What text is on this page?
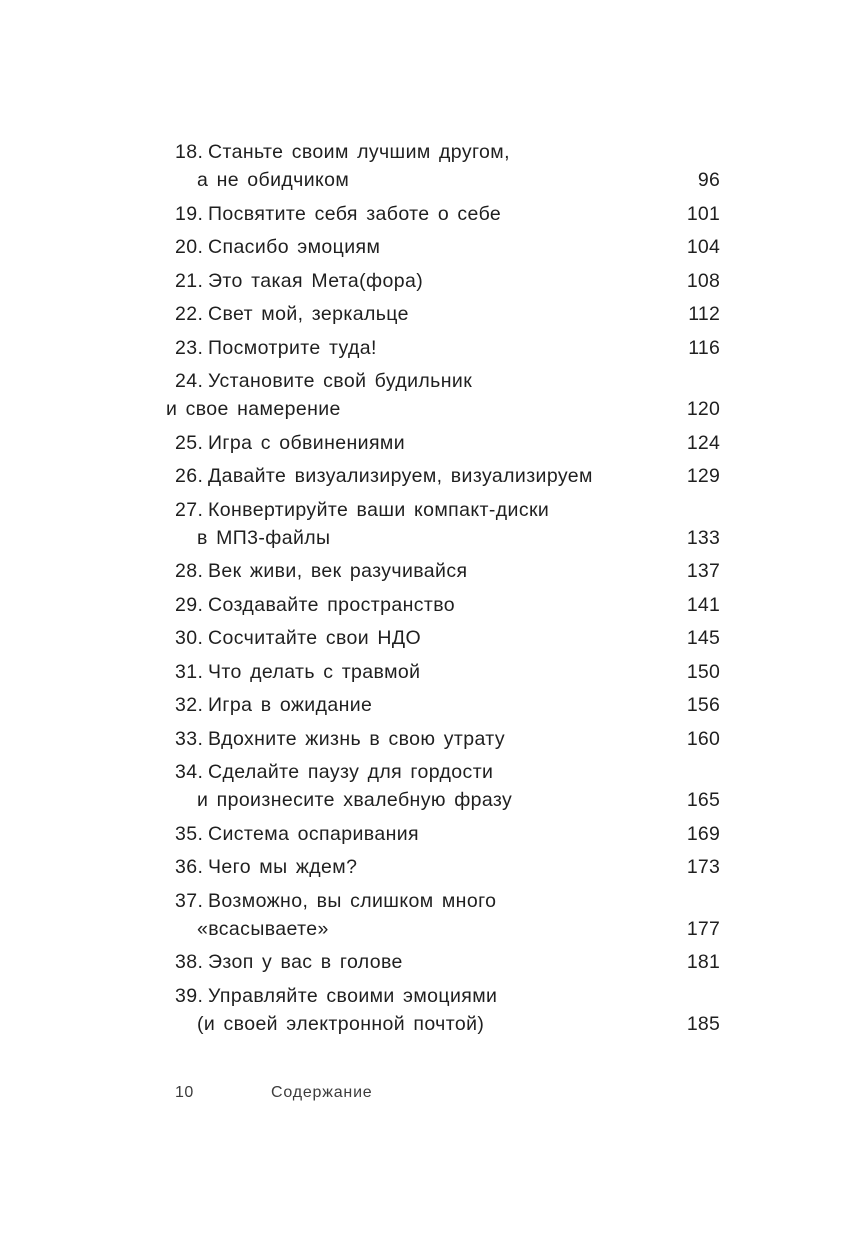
18. Станьте своим лучшим другом,
а не обидчиком	96
19. Посвятите себя заботе о себе	101
20. Спасибо эмоциям	104
21. Это такая Мета(фора)	108
22. Свет мой, зеркальце	112
23. Посмотрите туда!	116
24. Установите свой будильник
и свое намерение	120
25. Игра с обвинениями	124
26. Давайте визуализируем, визуализируем	129
27. Конвертируйте ваши компакт-диски
в МП3-файлы	133
28. Век живи, век разучивайся	137
29. Создавайте пространство	141
30. Сосчитайте свои НДО	145
31. Что делать с травмой	150
32. Игра в ожидание	156
33. Вдохните жизнь в свою утрату	160
34. Сделайте паузу для гордости
и произнесите хвалебную фразу	165
35. Система оспаривания	169
36. Чего мы ждем?	173
37. Возможно, вы слишком много
«всасываете»	177
38. Эзоп у вас в голове	181
39. Управляйте своими эмоциями
(и своей электронной почтой)	185
10	Содержание
